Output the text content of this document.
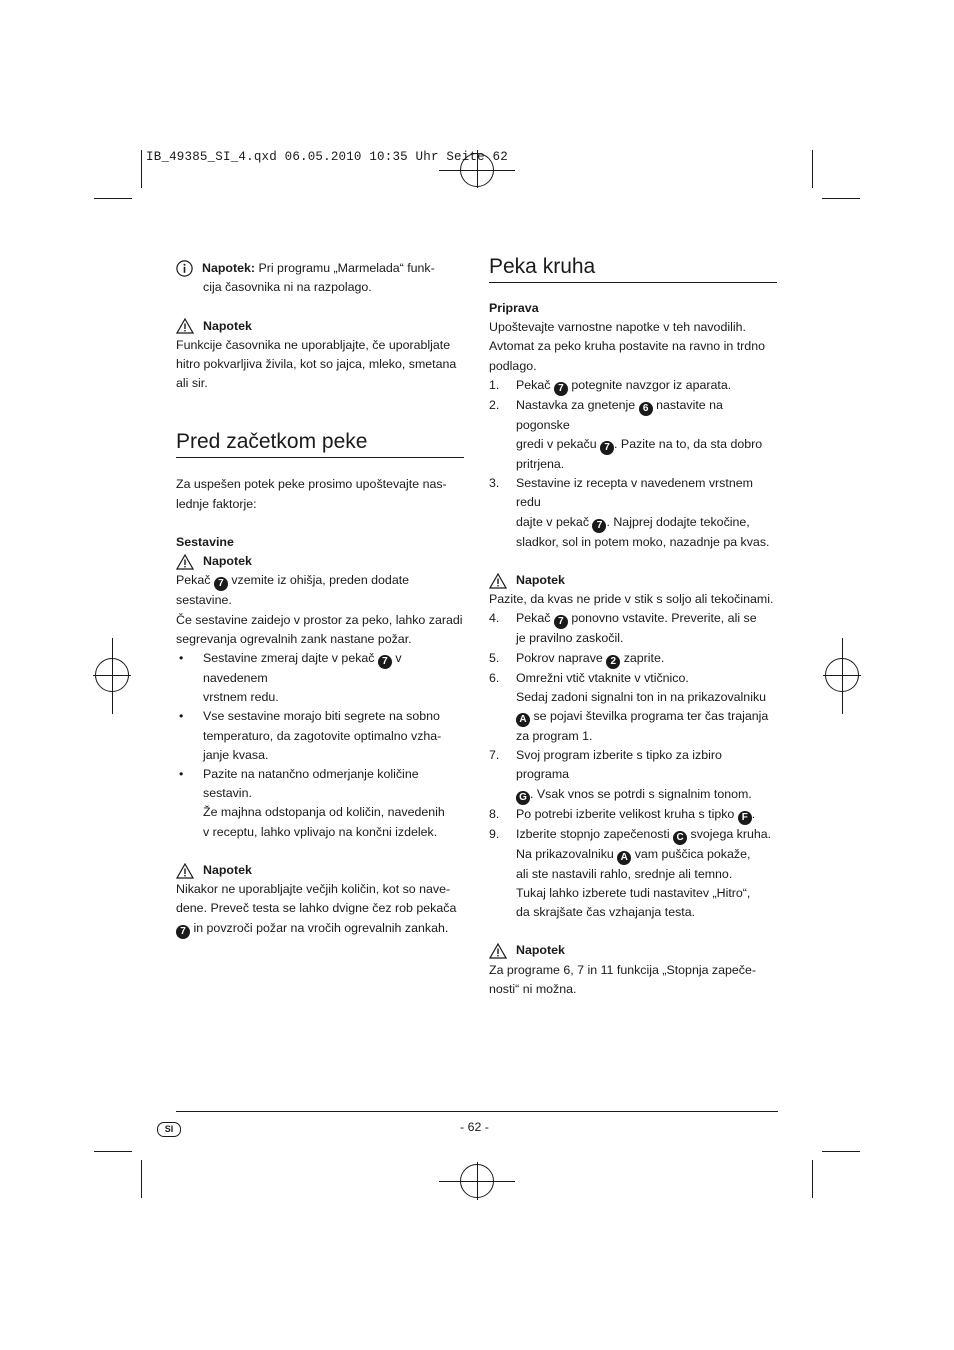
IB_49385_SI_4.qxd 06.05.2010 10:35 Uhr Seite 62
Napotek: Pri programu „Marmelada“ funk-

cija časovnika ni na razpolago.

Napotek

Funkcije časovnika ne uporabljajte, če uporabljate

hitro pokvarljiva živila, kot so jajca, mleko, smetana

ali sir.

Pred začetkom peke

Za uspešen potek peke prosimo upoštevajte nas-

lednje faktorje:

Sestavine

Napotek

Pekač 7 vzemite iz ohišja, preden dodate sestavine.

Če sestavine zaidejo v prostor za peko, lahko zaradi

segrevanja ogrevalnih zank nastane požar.

• Sestavine zmeraj dajte v pekač 7 v navedenem

vrstnem redu.

• Vse sestavine morajo biti segrete na sobno

temperaturo, da zagotovite optimalno vzha-

janje kvasa.

• Pazite na natančno odmerjanje količine sestavin.

Že majhna odstopanja od količin, navedenih

v receptu, lahko vplivajo na končni izdelek.

Napotek

Nikakor ne uporabljajte večjih količin, kot so nave-

dene. Preveč testa se lahko dvigne čez rob pekača

7 in povzroči požar na vročih ogrevalnih zankah.

Peka kruha

Priprava

Upoštevajte varnostne napotke v teh navodilih.

Avtomat za peko kruha postavite na ravno in trdno

podlago.

1. Pekač 7 potegnite navzgor iz aparata.

2. Nastavka za gnetenje 6 nastavite na pogonske

gredi v pekaču 7 . Pazite na to, da sta dobro

pritrjena.

3. Sestavine iz recepta v navedenem vrstnem redu

dajte v pekač 7 . Najprej dodajte tekočine,

sladkor, sol in potem moko, nazadnje pa kvas.

Napotek

Pazite, da kvas ne pride v stik s soljo ali tekočinami.

4. Pekač 7 ponovno vstavite. Preverite, ali se

je pravilno zaskočil.

5. Pokrov naprave 2 zaprite.

6. Omrežni vtič vtaknite v vtičnico.

Sedaj zadoni signalni ton in na prikazovalniku

A se pojavi številka programa ter čas trajanja

za program 1.

7. Svoj program izberite s tipko za izbiro programa

G . Vsak vnos se potrdi s signalnim tonom.

8. Po potrebi izberite velikost kruha s tipko F .

9. Izberite stopnjo zapečenosti C svojega kruha.

Na prikazovalniku A vam puščica pokaže,

ali ste nastavili rahlo, srednje ali temno.

Tukaj lahko izberete tudi nastavitev „Hitro“,

da skrajšate čas vzhajanja testa.

Napotek

Za programe 6, 7 in 11 funkcija „Stopnja zapeče-

nosti“ ni možna.

SI	- 62 -
